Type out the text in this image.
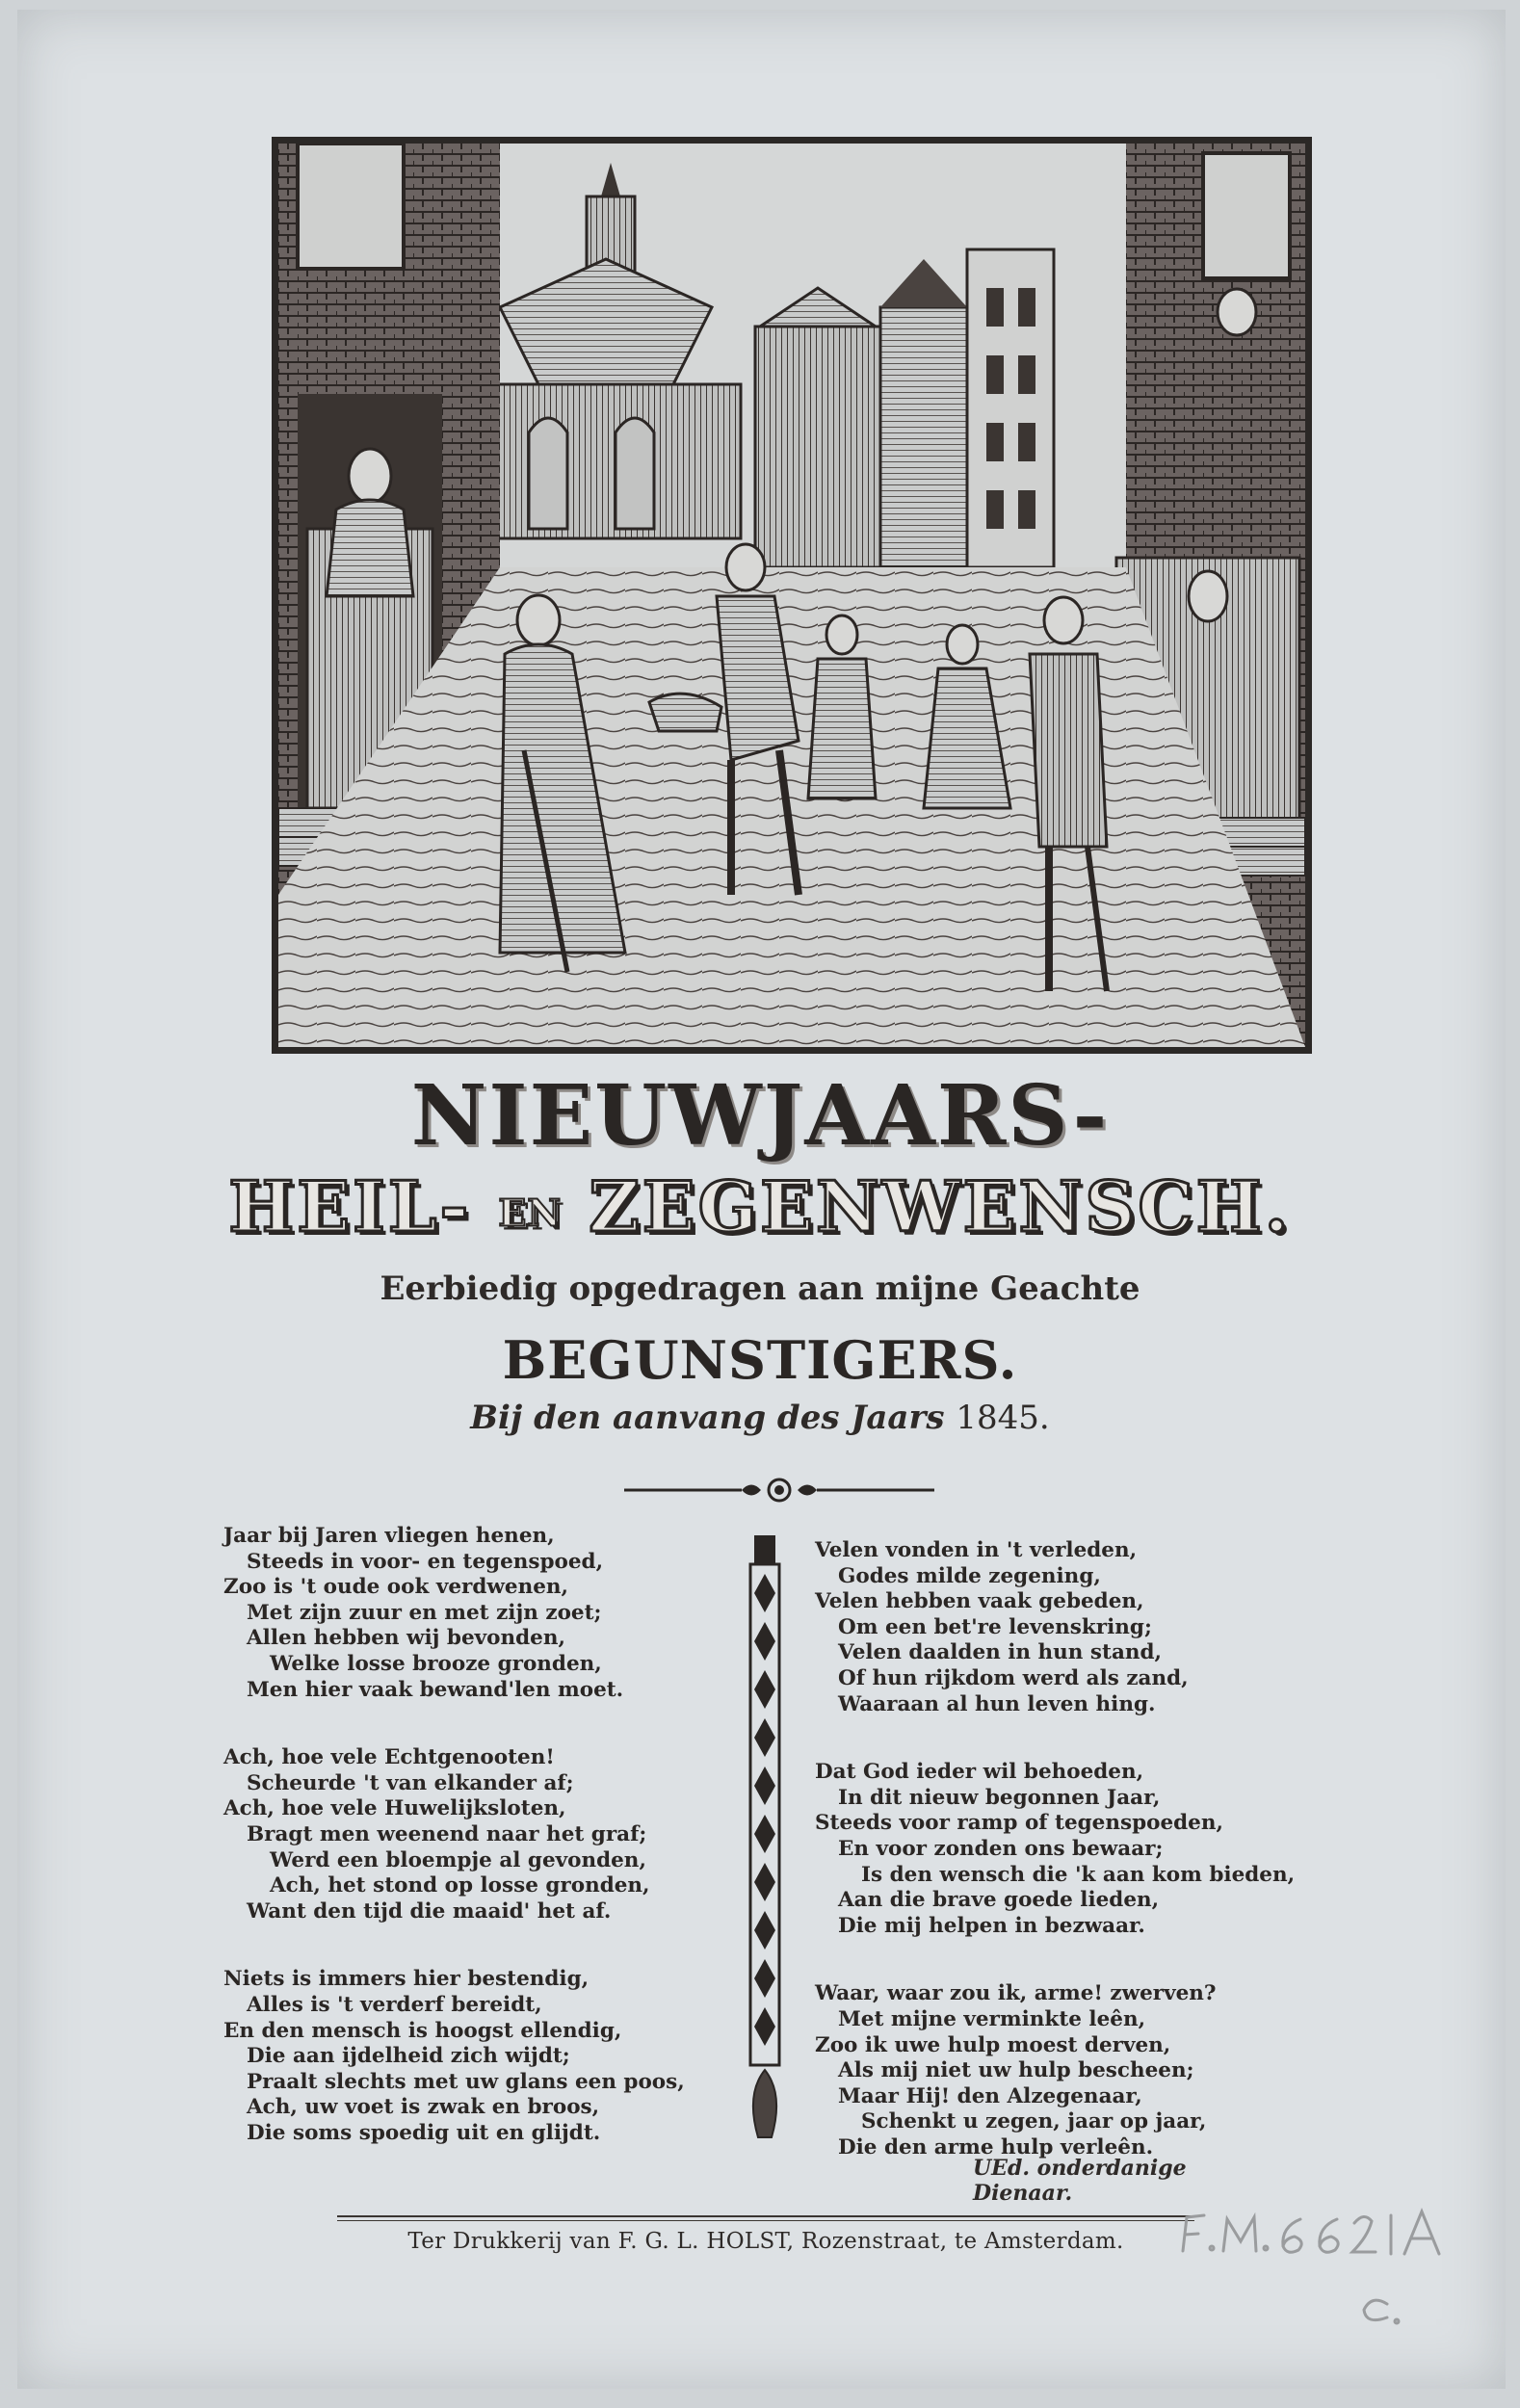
NIEUWJAARS-
HEIL- EN ZEGENWENSCH.
Eerbiedig opgedragen aan mijne Geachte
BEGUNSTIGERS.
Bij den aanvang des Jaars 1845.
Jaar bij Jaren vliegen henen,
Steeds in voor- en tegenspoed,
Zoo is 't oude ook verdwenen,
Met zijn zuur en met zijn zoet;
Allen hebben wij bevonden,
Welke losse brooze gronden,
Men hier vaak bewand'len moet.
Ach, hoe vele Echtgenooten!
Scheurde 't van elkander af;
Ach, hoe vele Huwelijksloten,
Bragt men weenend naar het graf;
Werd een bloempje al gevonden,
Ach, het stond op losse gronden,
Want den tijd die maaid' het af.
Niets is immers hier bestendig,
Alles is 't verderf bereidt,
En den mensch is hoogst ellendig,
Die aan ijdelheid zich wijdt;
Praalt slechts met uw glans een poos,
Ach, uw voet is zwak en broos,
Die soms spoedig uit en glijdt.
Velen vonden in 't verleden,
Godes milde zegening,
Velen hebben vaak gebeden,
Om een bet're levenskring;
Velen daalden in hun stand,
Of hun rijkdom werd als zand,
Waaraan al hun leven hing.
Dat God ieder wil behoeden,
In dit nieuw begonnen Jaar,
Steeds voor ramp of tegenspoeden,
En voor zonden ons bewaar;
Is den wensch die 'k aan kom bieden,
Aan die brave goede lieden,
Die mij helpen in bezwaar.
Waar, waar zou ik, arme! zwerven?
Met mijne verminkte leên,
Zoo ik uwe hulp moest derven,
Als mij niet uw hulp bescheen;
Maar Hij! den Alzegenaar,
Schenkt u zegen, jaar op jaar,
Die den arme hulp verleên.
UEd. onderdanige Dienaar.
Ter Drukkerij van F. G. L. HOLST, Rozenstraat, te Amsterdam.
